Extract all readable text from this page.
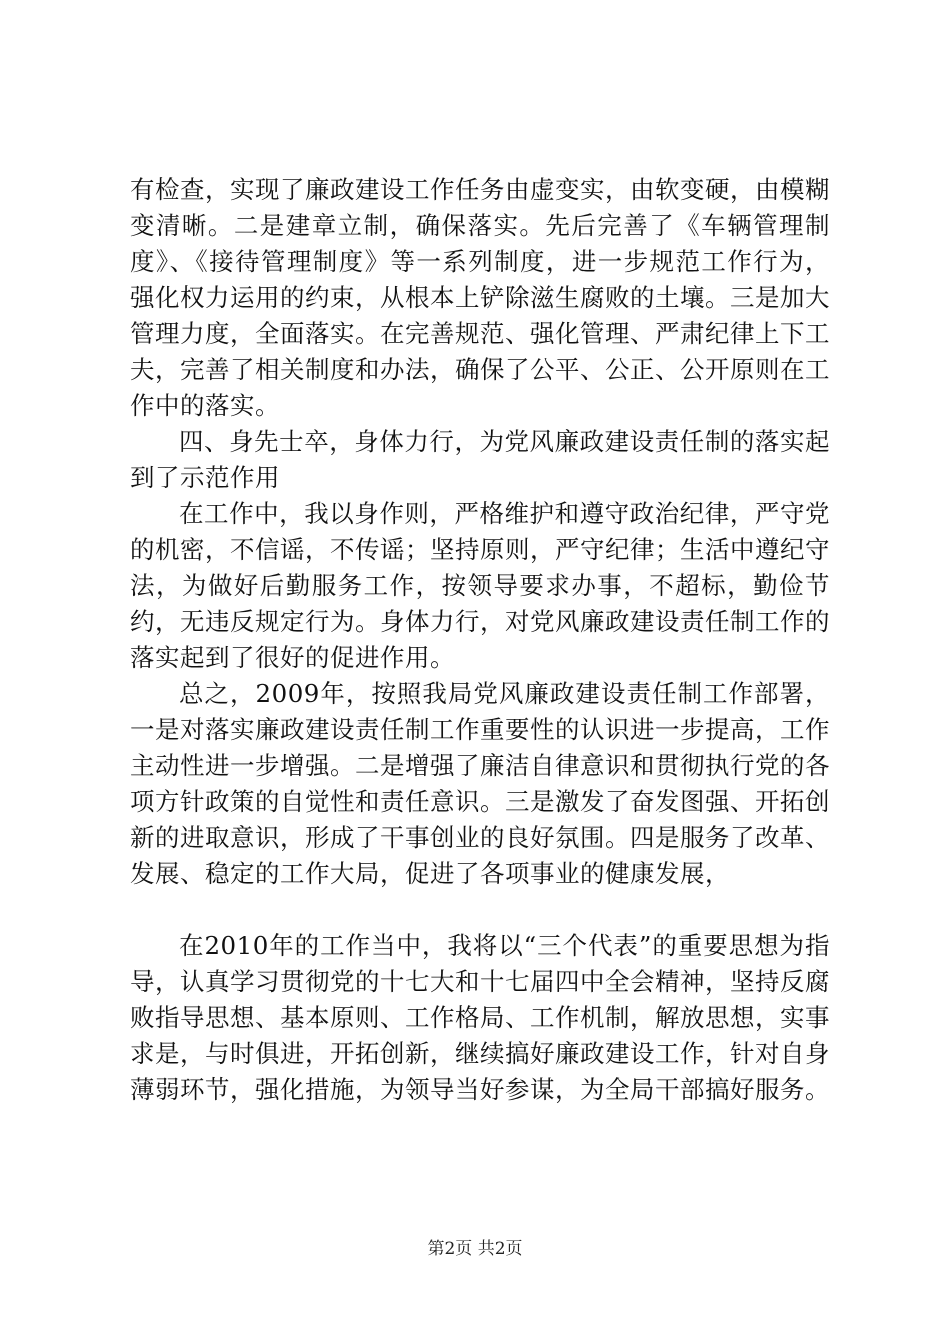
有检查，实现了廉政建设工作任务由虚变实，由软变硬，由模糊变清晰。二是建章立制，确保落实。先后完善了《车辆管理制度》、《接待管理制度》等一系列制度，进一步规范工作行为，强化权力运用的约束，从根本上铲除滋生腐败的土壤。三是加大管理力度，全面落实。在完善规范、强化管理、严肃纪律上下工夫，完善了相关制度和办法，确保了公平、公正、公开原则在工作中的落实。

四、身先士卒，身体力行，为党风廉政建设责任制的落实起到了示范作用

在工作中，我以身作则，严格维护和遵守政治纪律，严守党的机密，不信谣，不传谣；坚持原则，严守纪律；生活中遵纪守法，为做好后勤服务工作，按领导要求办事，不超标，勤俭节约，无违反规定行为。身体力行，对党风廉政建设责任制工作的落实起到了很好的促进作用。

总之，2009年，按照我局党风廉政建设责任制工作部署，一是对落实廉政建设责任制工作重要性的认识进一步提高，工作主动性进一步增强。二是增强了廉洁自律意识和贯彻执行党的各项方针政策的自觉性和责任意识。三是激发了奋发图强、开拓创新的进取意识，形成了干事创业的良好氛围。四是服务了改革、发展、稳定的工作大局，促进了各项事业的健康发展，

在2010年的工作当中，我将以“三个代表”的重要思想为指导，认真学习贯彻党的十七大和十七届四中全会精神，坚持反腐败指导思想、基本原则、工作格局、工作机制，解放思想，实事求是，与时俱进，开拓创新，继续搞好廉政建设工作，针对自身薄弱环节，强化措施，为领导当好参谋，为全局干部搞好服务。

第2页 共2页
